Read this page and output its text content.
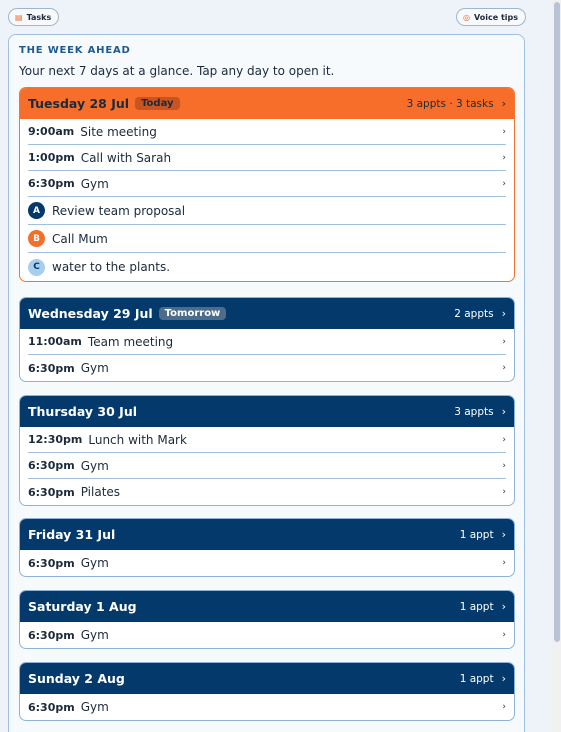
▤ Tasks	◎ Voice tips
THE WEEK AHEAD
Your next 7 days at a glance. Tap any day to open it.
Tuesday 28 Jul	Today	3 appts · 3 tasks ›
9:00am Site meeting	›
1:00pm Call with Sarah	›
6:30pm Gym	›
A	Review team proposal
B	Call Mum
C	water to the plants.
Wednesday 29 Jul	Tomorrow	2 appts ›
11:00am Team meeting	›
6:30pm Gym	›
Thursday 30 Jul	3 appts ›
12:30pm Lunch with Mark	›
6:30pm Gym	›
6:30pm Pilates	›
Friday 31 Jul	1 appt ›
6:30pm Gym	›
Saturday 1 Aug	1 appt ›
6:30pm Gym	›
Sunday 2 Aug	1 appt ›
6:30pm Gym	›
